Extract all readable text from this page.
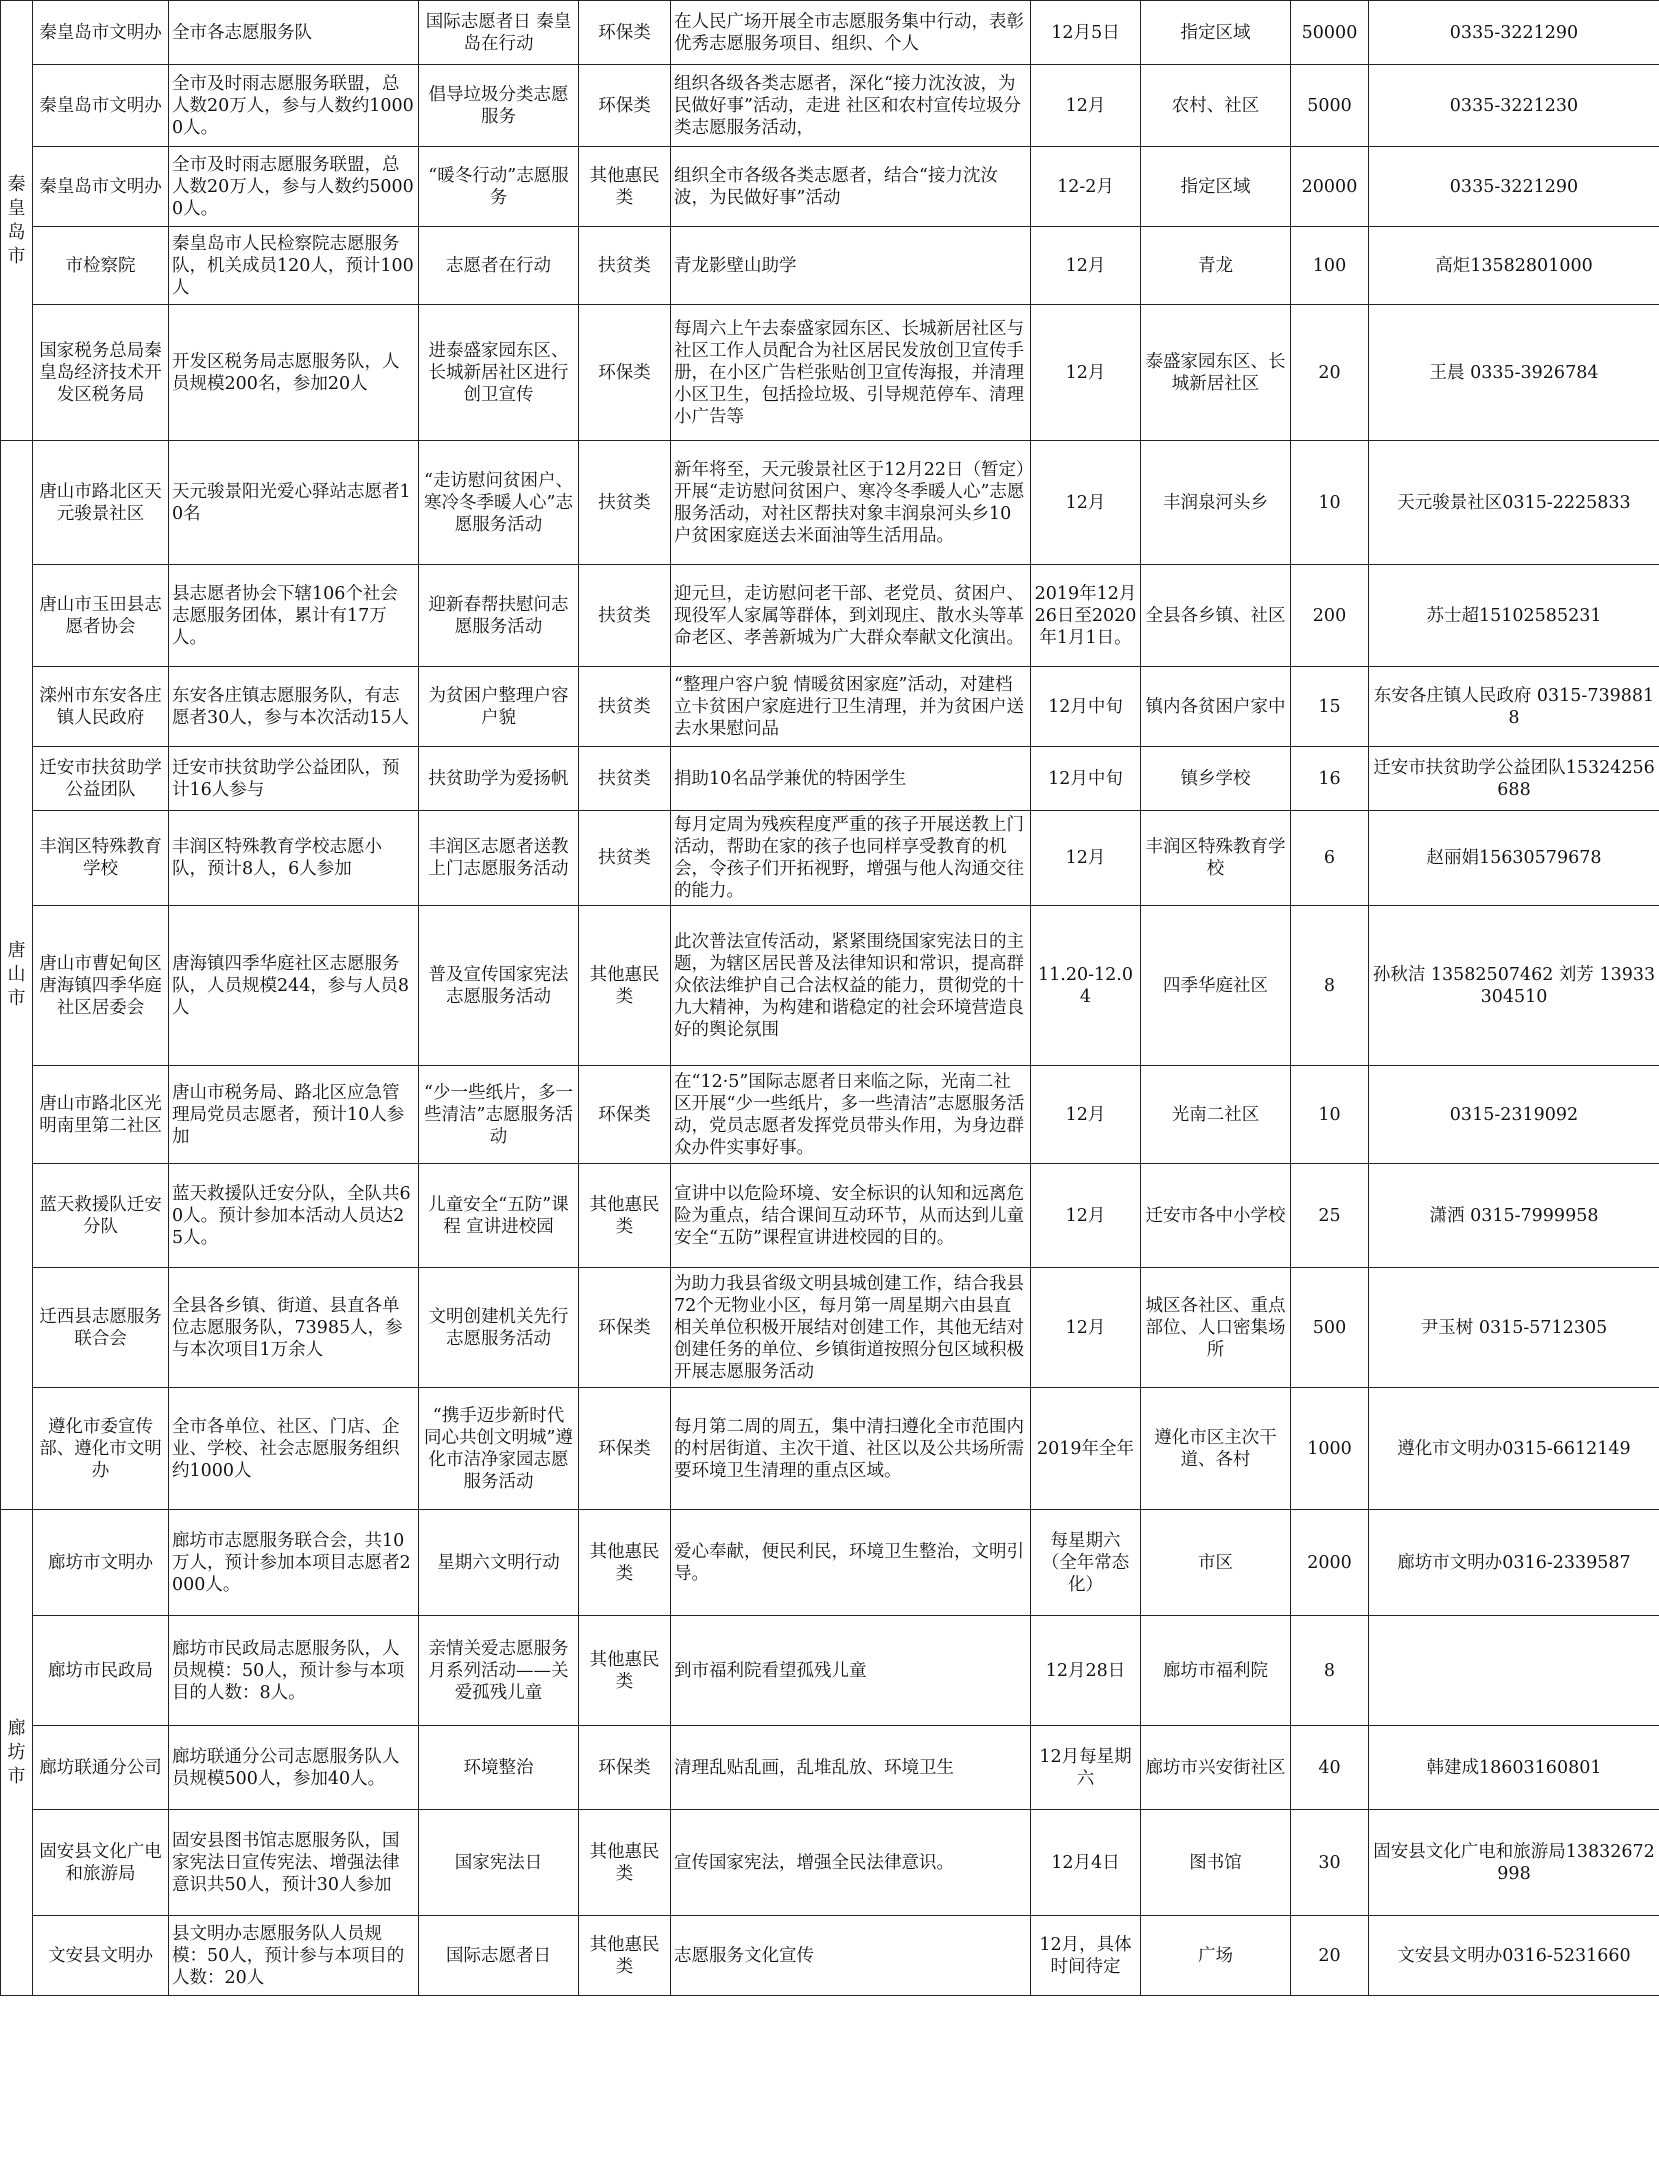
秦皇岛市	秦皇岛市文明办	全市各志愿服务队	国际志愿者日 秦皇岛在行动	环保类	在人民广场开展全市志愿服务集中行动，表彰优秀志愿服务项目、组织、个人	12月5日	指定区域	50000	0335-3221290
	秦皇岛市文明办	全市及时雨志愿服务联盟，总人数20万人，参与人数约10000人。	倡导垃圾分类志愿服务	环保类	组织各级各类志愿者，深化“接力沈汝波，为民做好事”活动，走进 社区和农村宣传垃圾分类志愿服务活动，	12月	农村、社区	5000	0335-3221230
	秦皇岛市文明办	全市及时雨志愿服务联盟，总人数20万人，参与人数约50000人。	“暖冬行动”志愿服务	其他惠民类	组织全市各级各类志愿者，结合“接力沈汝波，为民做好事”活动	12-2月	指定区域	20000	0335-3221290
	市检察院	秦皇岛市人民检察院志愿服务队，机关成员120人，预计100人	志愿者在行动	扶贫类	青龙影壁山助学	12月	青龙	100	高炬13582801000
	国家税务总局秦皇岛经济技术开发区税务局	开发区税务局志愿服务队，人员规模200名，参加20人	进泰盛家园东区、长城新居社区进行创卫宣传	环保类	每周六上午去泰盛家园东区、长城新居社区与社区工作人员配合为社区居民发放创卫宣传手册，在小区广告栏张贴创卫宣传海报，并清理小区卫生，包括捡垃圾、引导规范停车、清理小广告等	12月	泰盛家园东区、长城新居社区	20	王晨 0335-3926784
唐山市	唐山市路北区天元骏景社区	天元骏景阳光爱心驿站志愿者10名	“走访慰问贫困户、寒冷冬季暖人心”志愿服务活动	扶贫类	新年将至，天元骏景社区于12月22日（暂定）开展“走访慰问贫困户、寒冷冬季暖人心”志愿服务活动，对社区帮扶对象丰润泉河头乡10户贫困家庭送去米面油等生活用品。	12月	丰润泉河头乡	10	天元骏景社区0315-2225833
	唐山市玉田县志愿者协会	县志愿者协会下辖106个社会志愿服务团体，累计有17万人。	迎新春帮扶慰问志愿服务活动	扶贫类	迎元旦，走访慰问老干部、老党员、贫困户、现役军人家属等群体，到刘现庄、散水头等革命老区、孝善新城为广大群众奉献文化演出。	2019年12月26日至2020年1月1日。	全县各乡镇、社区	200	苏士超15102585231
	滦州市东安各庄镇人民政府	东安各庄镇志愿服务队，有志愿者30人，参与本次活动15人	为贫困户整理户容户貌	扶贫类	“整理户容户貌 情暖贫困家庭”活动，对建档立卡贫困户家庭进行卫生清理，并为贫困户送去水果慰问品	12月中旬	镇内各贫困户家中	15	东安各庄镇人民政府 0315-7398818
	迁安市扶贫助学公益团队	迁安市扶贫助学公益团队，预计16人参与	扶贫助学为爱扬帆	扶贫类	捐助10名品学兼优的特困学生	12月中旬	镇乡学校	16	迁安市扶贫助学公益团队15324256688
	丰润区特殊教育学校	丰润区特殊教育学校志愿小队，预计8人，6人参加	丰润区志愿者送教上门志愿服务活动	扶贫类	每月定周为残疾程度严重的孩子开展送教上门活动，帮助在家的孩子也同样享受教育的机会，令孩子们开拓视野，增强与他人沟通交往的能力。	12月	丰润区特殊教育学校	6	赵丽娟15630579678
	唐山市曹妃甸区唐海镇四季华庭社区居委会	唐海镇四季华庭社区志愿服务队，人员规模244，参与人员8人	普及宣传国家宪法志愿服务活动	其他惠民类	此次普法宣传活动，紧紧围绕国家宪法日的主题，为辖区居民普及法律知识和常识，提高群众依法维护自己合法权益的能力，贯彻党的十九大精神，为构建和谐稳定的社会环境营造良好的舆论氛围	11.20-12.04	四季华庭社区	8	孙秋洁 13582507462 刘芳 13933304510
	唐山市路北区光明南里第二社区	唐山市税务局、路北区应急管理局党员志愿者，预计10人参加	“少一些纸片，多一些清洁”志愿服务活动	环保类	在“12·5”国际志愿者日来临之际，光南二社区开展“少一些纸片，多一些清洁”志愿服务活动，党员志愿者发挥党员带头作用，为身边群众办件实事好事。	12月	光南二社区	10	0315-2319092
	蓝天救援队迁安分队	蓝天救援队迁安分队，全队共60人。预计参加本活动人员达25人。	儿童安全“五防”课程 宣讲进校园	其他惠民类	宣讲中以危险环境、安全标识的认知和远离危险为重点，结合课间互动环节，从而达到儿童安全“五防”课程宣讲进校园的目的。	12月	迁安市各中小学校	25	潇洒 0315-7999958
	迁西县志愿服务联合会	全县各乡镇、街道、县直各单位志愿服务队，73985人，参与本次项目1万余人	文明创建机关先行志愿服务活动	环保类	为助力我县省级文明县城创建工作，结合我县72个无物业小区，每月第一周星期六由县直相关单位积极开展结对创建工作，其他无结对创建任务的单位、乡镇街道按照分包区域积极开展志愿服务活动	12月	城区各社区、重点部位、人口密集场所	500	尹玉树 0315-5712305
	遵化市委宣传部、遵化市文明办	全市各单位、社区、门店、企业、学校、社会志愿服务组织约1000人	“携手迈步新时代 同心共创文明城”遵化市洁净家园志愿服务活动	环保类	每月第二周的周五，集中清扫遵化全市范围内的村居街道、主次干道、社区以及公共场所需要环境卫生清理的重点区域。	2019年全年	遵化市区主次干道、各村	1000	遵化市文明办0315-6612149
廊坊市	廊坊市文明办	廊坊市志愿服务联合会，共10万人，预计参加本项目志愿者2000人。	星期六文明行动	其他惠民类	爱心奉献，便民利民，环境卫生整治，文明引导。	每星期六（全年常态化）	市区	2000	廊坊市文明办0316-2339587
	廊坊市民政局	廊坊市民政局志愿服务队，人员规模：50人，预计参与本项目的人数：8人。	亲情关爱志愿服务月系列活动——关爱孤残儿童	其他惠民类	到市福利院看望孤残儿童	12月28日	廊坊市福利院	8	
	廊坊联通分公司	廊坊联通分公司志愿服务队人员规模500人，参加40人。	环境整治	环保类	清理乱贴乱画，乱堆乱放、环境卫生	12月每星期六	廊坊市兴安街社区	40	韩建成18603160801
	固安县文化广电和旅游局	固安县图书馆志愿服务队，国家宪法日宣传宪法、增强法律意识共50人，预计30人参加	国家宪法日	其他惠民类	宣传国家宪法，增强全民法律意识。	12月4日	图书馆	30	固安县文化广电和旅游局13832672998
	文安县文明办	县文明办志愿服务队人员规模：50人，预计参与本项目的人数：20人	国际志愿者日	其他惠民类	志愿服务文化宣传	12月，具体时间待定	广场	20	文安县文明办0316-5231660
